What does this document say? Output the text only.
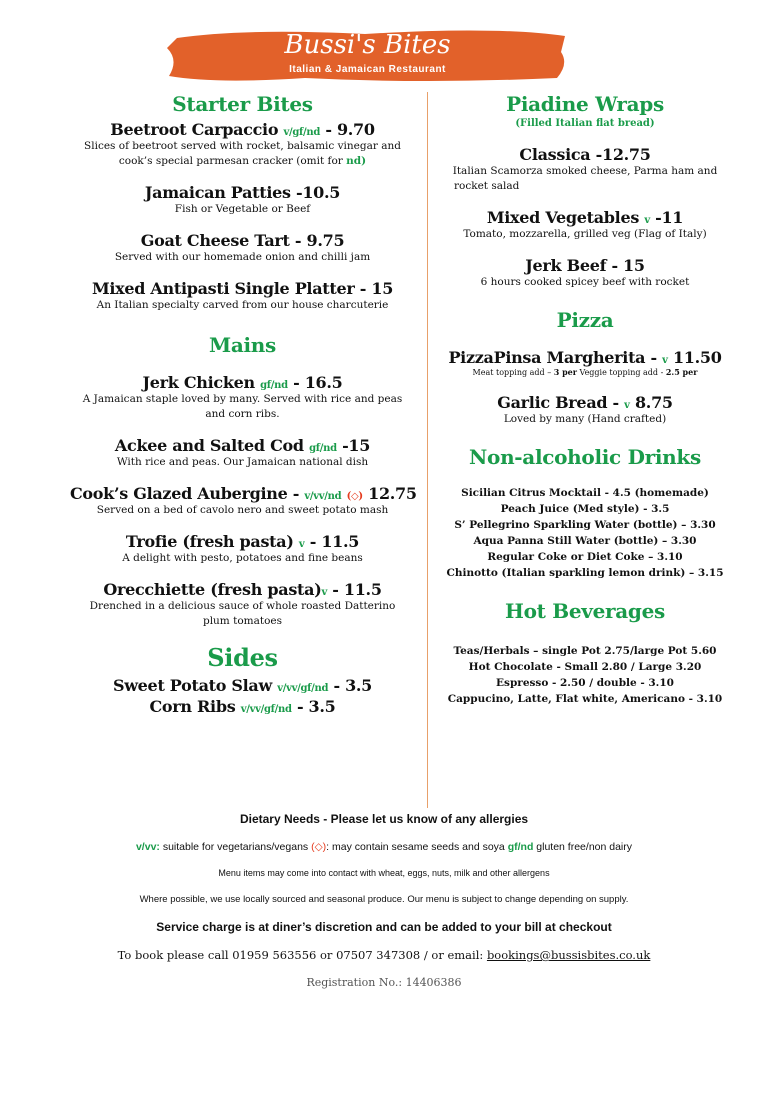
Bussi's Bites
Italian & Jamaican Restaurant
Starter Bites
Beetroot Carpaccio v/gf/nd - 9.70
Slices of beetroot served with rocket, balsamic vinegar and
cook’s special parmesan cracker (omit for nd)
Jamaican Patties -10.5
Fish or Vegetable or Beef
Goat Cheese Tart - 9.75
Served with our homemade onion and chilli jam
Mixed Antipasti Single Platter - 15
An Italian specialty carved from our house charcuterie
Mains
Jerk Chicken gf/nd - 16.5
A Jamaican staple loved by many. Served with rice and peas
and corn ribs.
Ackee and Salted Cod gf/nd -15
With rice and peas. Our Jamaican national dish
Cook’s Glazed Aubergine - v/vv/nd (◇) 12.75
Served on a bed of cavolo nero and sweet potato mash
Trofie (fresh pasta) v - 11.5
A delight with pesto, potatoes and fine beans
Orecchiette (fresh pasta)v - 11.5
Drenched in a delicious sauce of whole roasted Datterino
plum tomatoes
Sides
Sweet Potato Slaw v/vv/gf/nd - 3.5
Corn Ribs v/vv/gf/nd - 3.5
Piadine Wraps
(Filled Italian flat bread)
Classica -12.75
Italian Scamorza smoked cheese, Parma ham and
rocket salad
Mixed Vegetables v -11
Tomato, mozzarella, grilled veg (Flag of Italy)
Jerk Beef - 15
6 hours cooked spicey beef with rocket
Pizza
PizzaPinsa Margherita - v 11.50
Meat topping add – 3 per Veggie topping add - 2.5 per
Garlic Bread - v 8.75
Loved by many (Hand crafted)
Non-alcoholic Drinks
Sicilian Citrus Mocktail - 4.5 (homemade)
Peach Juice (Med style) - 3.5
S’ Pellegrino Sparkling Water (bottle) – 3.30
Aqua Panna Still Water (bottle) – 3.30
Regular Coke or Diet Coke – 3.10
Chinotto (Italian sparkling lemon drink) – 3.15
Hot Beverages
Teas/Herbals – single Pot 2.75/large Pot 5.60
Hot Chocolate - Small 2.80 / Large 3.20
Espresso - 2.50 / double - 3.10
Cappucino, Latte, Flat white, Americano - 3.10
Dietary Needs - Please let us know of any allergies
v/vv: suitable for vegetarians/vegans (◇): may contain sesame seeds and soya gf/nd gluten free/non dairy
Menu items may come into contact with wheat, eggs, nuts, milk and other allergens
Where possible, we use locally sourced and seasonal produce. Our menu is subject to change depending on supply.
Service charge is at diner’s discretion and can be added to your bill at checkout
To book please call 01959 563556 or 07507 347308 / or email: bookings@bussisbites.co.uk
Registration No.: 14406386
